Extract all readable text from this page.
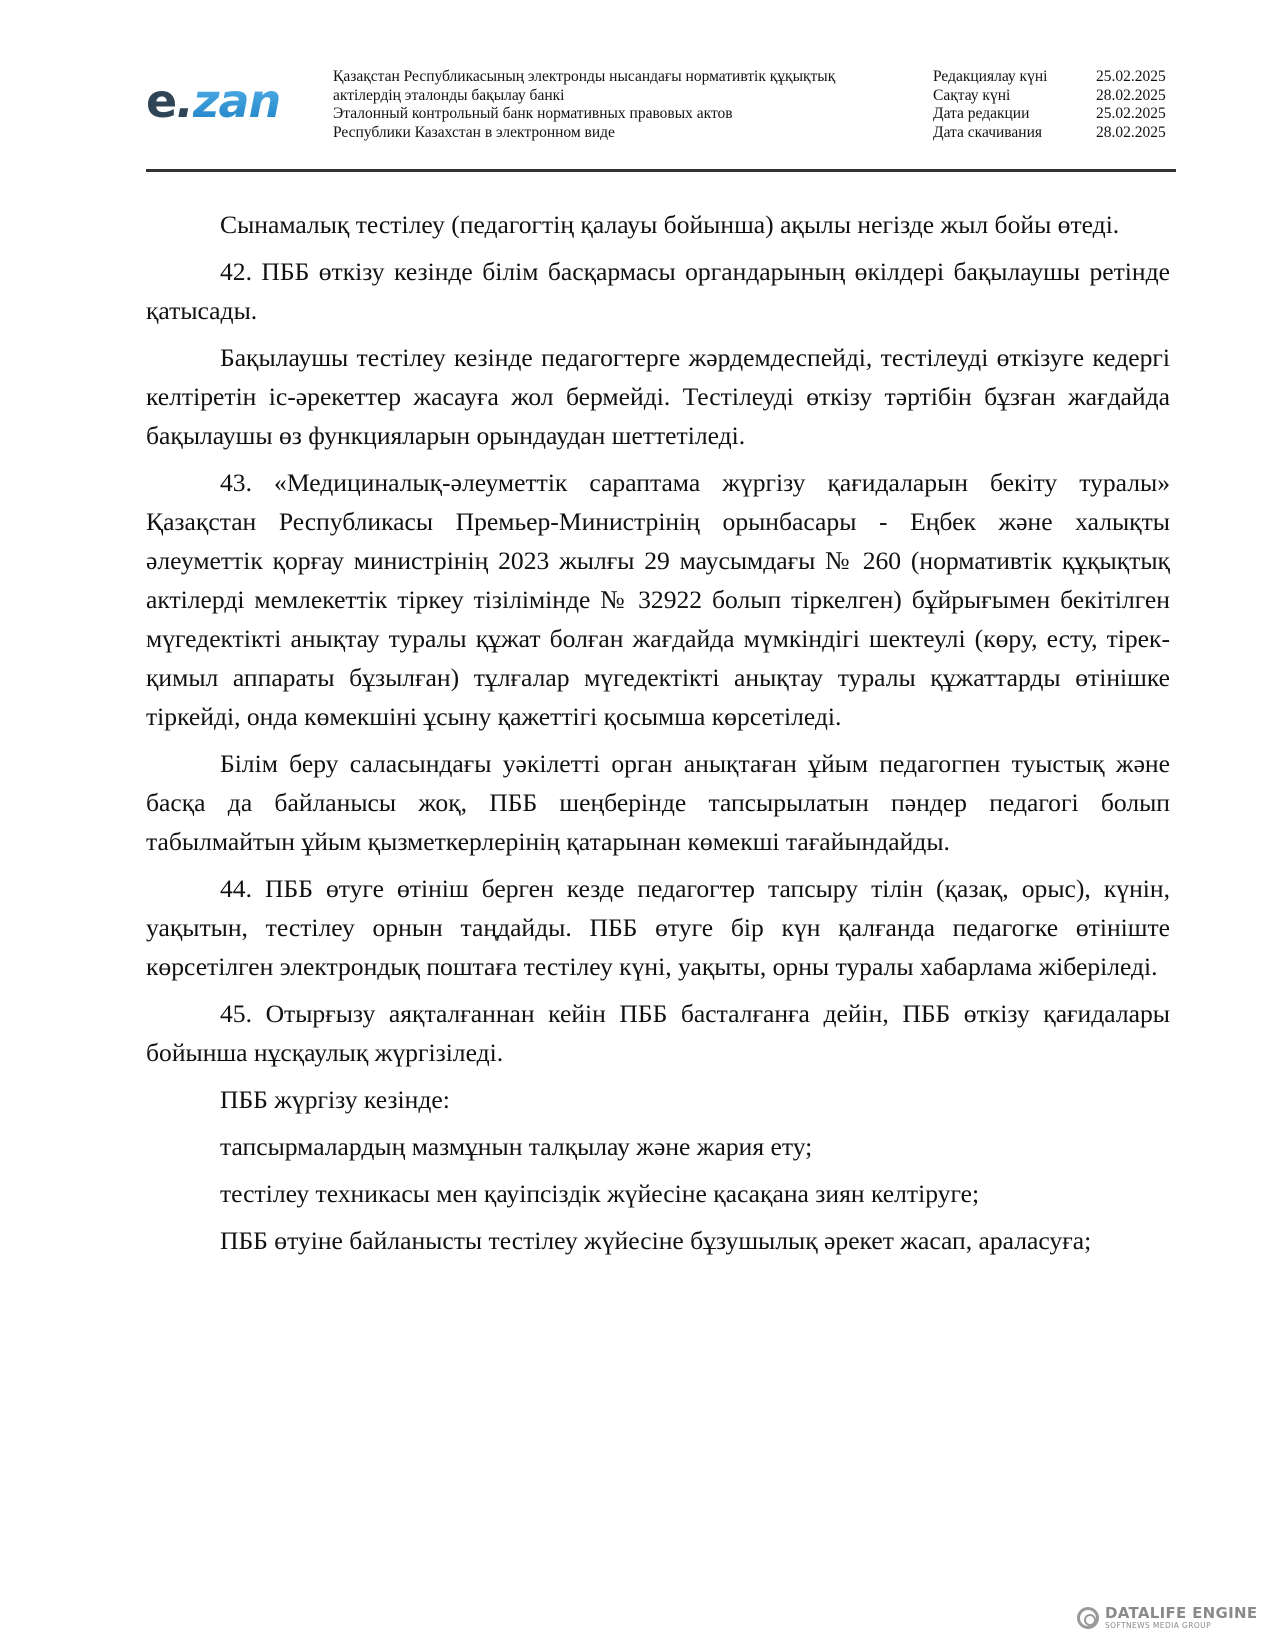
e.zan	Қазақстан Республикасының электронды нысандағы нормативтік құқықтық
актілердің эталонды бақылау банкі
Эталонный контрольный банк нормативных правовых актов
Республики Казахстан в электронном виде
Редакциялау күні	25.02.2025
Сақтау күні	28.02.2025
Дата редакции	25.02.2025
Дата скачивания	28.02.2025

Сынамалық тестілеу (педагогтің қалауы бойынша) ақылы негізде жыл бойы өтеді.

42. ПББ өткізу кезінде білім басқармасы органдарының өкілдері бақылаушы ретінде қатысады.

Бақылаушы тестілеу кезінде педагогтерге жәрдемдеспейді, тестілеуді өткізуге кедергі келтіретін іс-әрекеттер жасауға жол бермейді. Тестілеуді өткізу тәртібін бұзған жағдайда бақылаушы өз функцияларын орындаудан шеттетіледі.

43. «Медициналық-әлеуметтік сараптама жүргізу қағидаларын бекіту туралы» Қазақстан Республикасы Премьер-Министрінің орынбасары - Еңбек және халықты әлеуметтік қорғау министрінің 2023 жылғы 29 маусымдағы № 260 (нормативтік құқықтық актілерді мемлекеттік тіркеу тізілімінде № 32922 болып тіркелген) бұйрығымен бекітілген мүгедектікті анықтау туралы құжат болған жағдайда мүмкіндігі шектеулі (көру, есту, тірек-қимыл аппараты бұзылған) тұлғалар мүгедектікті анықтау туралы құжаттарды өтінішке тіркейді, онда көмекшіні ұсыну қажеттігі қосымша көрсетіледі.

Білім беру саласындағы уәкілетті орган анықтаған ұйым педагогпен туыстық және басқа да байланысы жоқ, ПББ шеңберінде тапсырылатын пәндер педагогі болып табылмайтын ұйым қызметкерлерінің қатарынан көмекші тағайындайды.

44. ПББ өтуге өтініш берген кезде педагогтер тапсыру тілін (қазақ, орыс), күнін, уақытын, тестілеу орнын таңдайды. ПББ өтуге бір күн қалғанда педагогке өтініште көрсетілген электрондық поштаға тестілеу күні, уақыты, орны туралы хабарлама жіберіледі.

45. Отырғызу аяқталғаннан кейін ПББ басталғанға дейін, ПББ өткізу қағидалары бойынша нұсқаулық жүргізіледі.

ПББ жүргізу кезінде:

тапсырмалардың мазмұнын талқылау және жария ету;

тестілеу техникасы мен қауіпсіздік жүйесіне қасақана зиян келтіруге;

ПББ өтуіне байланысты тестілеу жүйесіне бұзушылық әрекет жасап, араласуға;

DATALIFE ENGINE
SOFTNEWS MEDIA GROUP
